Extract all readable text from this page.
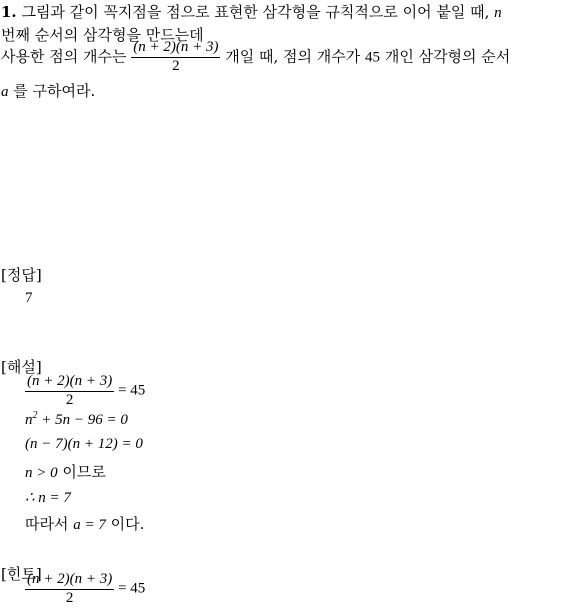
1. 그림과 같이 꼭지점을 점으로 표현한 삼각형을 규칙적으로 이어 붙일 때, n
번째 순서의 삼각형을 만드는데
사용한 점의 개수는 $\frac{(n + 2)(n + 3)}{2}$ 개일 때, 점의 개수가 45 개인 삼각형의 순서
a 를 구하여라.
[정답]
7
[해설]
$\frac{(n + 2)(n + 3)}{2} = 45$
$n^2 + 5n - 96 = 0$
(n − 7)(n + 12) = 0
n > 0 이므로
∴ n = 7
따라서 a = 7 이다.
[힌트]
$\frac{(n + 2)(n + 3)}{2} = 45$
